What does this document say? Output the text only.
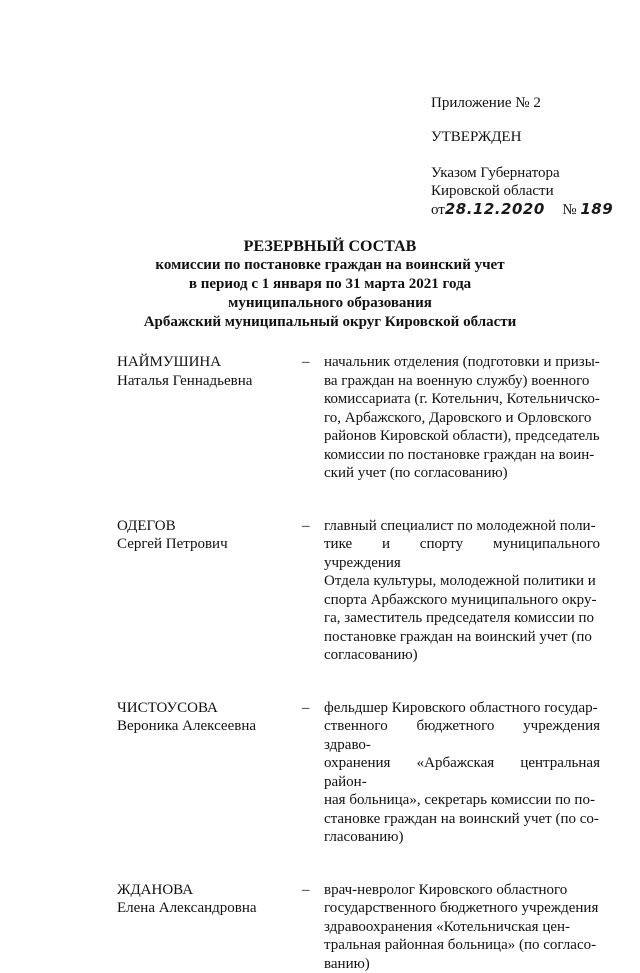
Приложение № 2
УТВЕРЖДЕН
Указом Губернатора
Кировской области
от28.12.2020 № 189
РЕЗЕРВНЫЙ СОСТАВ
комиссии по постановке граждан на воинский учет
в период с 1 января по 31 марта 2021 года
муниципального образования
Арбажский муниципальный округ Кировской области
НАЙМУШИНА
Наталья Геннадьевна
– начальник отделения (подготовки и призы-
ва граждан на военную службу) военного
комиссариата (г. Котельнич, Котельничско-
го, Арбажского, Даровского и Орловского
районов Кировской области), председатель
комиссии по постановке граждан на воин-
ский учет (по согласованию)
ОДЕГОВ
Сергей Петрович
– главный специалист по молодежной поли-
тике и спорту муниципального учреждения
Отдела культуры, молодежной политики и
спорта Арбажского муниципального окру-
га, заместитель председателя комиссии по
постановке граждан на воинский учет (по
согласованию)
ЧИСТОУСОВА
Вероника Алексеевна
– фельдшер Кировского областного государ-
ственного бюджетного учреждения здраво-
охранения «Арбажская центральная район-
ная больница», секретарь комиссии по по-
становке граждан на воинский учет (по со-
гласованию)
ЖДАНОВА
Елена Александровна
– врач-невролог Кировского областного
государственного бюджетного учреждения
здравоохранения «Котельничская цен-
тральная районная больница» (по согласо-
ванию)
